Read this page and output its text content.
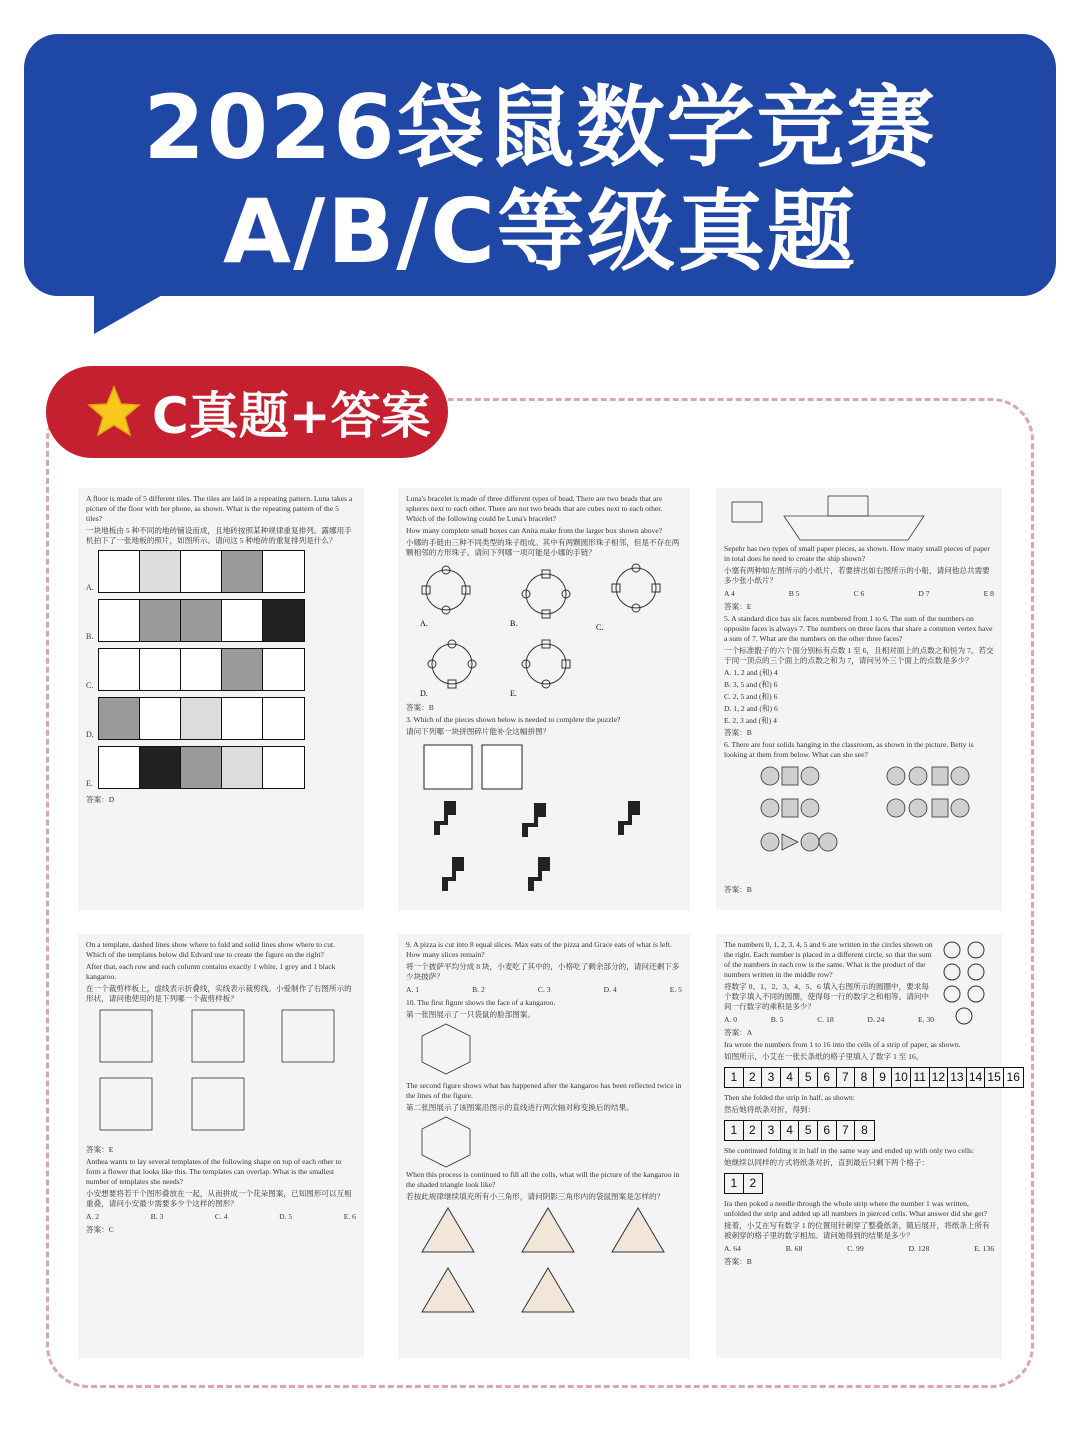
2026袋鼠数学竞赛
A/B/C等级真题
C真题+答案

A floor is made of 5 different tiles. The tiles are laid in a repeating pattern. Luna takes a picture of the floor with her phone, as shown. What is the repeating pattern of the 5 tiles?

一块地板由 5 种不同的地砖铺设而成，且地砖按照某种规律重复排列。露娜用手机拍下了一张地板的照片，如图所示。请问这 5 种地砖的重复排列是什么？

A.
B.
C.
D.
E.

答案：D

Luna's bracelet is made of three different types of bead. There are two beads that are spheres next to each other. There are not two beads that are cubes next to each other. Which of the following could be Luna's bracelet?

How many complete small boxes can Anita make from the larger box shown above?

小娜的手链由三种不同类型的珠子组成。其中有两颗圆形珠子相邻，但是不存在两颗相邻的方形珠子。请问下列哪一项可能是小娜的手链？

A.	B.	C.
D.	E.

答案：B

3. Which of the pieces shown below is needed to complete the puzzle?

请问下列哪一块拼图碎片能补全这幅拼图？

Sepehr has two types of small paper pieces, as shown. How many small pieces of paper in total does he need to create the ship shown?

小塞有两种如左图所示的小纸片，若要拼出如右图所示的小船，请问他总共需要多少张小纸片？

A 4	B 5	C 6	D 7	E 8

答案：E

5. A standard dice has six faces numbered from 1 to 6. The sum of the numbers on opposite faces is always 7. The numbers on three faces that share a common vertex have a sum of 7. What are the numbers on the other three faces?

一个标准骰子的六个面分别标有点数 1 至 6，且相对面上的点数之和恒为 7。若交于同一顶点的三个面上的点数之和为 7，请问另外三个面上的点数是多少？

A. 1, 2 and (和) 4

B. 3, 5 and (和) 6

C. 2, 5 and (和) 6

D. 1, 2 and (和) 6

E. 2, 3 and (和) 4

答案：B

6. There are four solids hanging in the classroom, as shown in the picture. Betty is looking at them from below. What can she see?

答案：B

On a template, dashed lines show where to fold and solid lines show where to cut. Which of the templates below did Edvard use to create the figure on the right?

After that, each row and each column contains exactly 1 white, 1 grey and 1 black kangaroo.

在一个裁剪样板上，虚线表示折叠线，实线表示裁剪线。小爱制作了右图所示的形状，请问他使用的是下列哪一个裁剪样板？

答案：E

Anthea wants to lay several templates of the following shape on top of each other to form a flower that looks like this. The templates can overlap. What is the smallest number of templates she needs?

小安想要将若干个图形叠放在一起，从而拼成一个花朵图案，已知图形可以互相重叠，请问小安最少需要多少个这样的图形？

A. 2	B. 3	C. 4	D. 5	E. 6

答案：C

9. A pizza is cut into 8 equal slices. Max eats of the pizza and Grace eats of what is left. How many slices remain?

将一个披萨平均分成 8 块，小麦吃了其中的，小格吃了剩余部分的，请问还剩下多少块披萨？

A. 1	B. 2	C. 3	D. 4	E. 5

10. The first figure shows the face of a kangaroo.

第一张图展示了一只袋鼠的脸部图案。

The second figure shows what has happened after the kangaroo has been reflected twice in the lines of the figure.

第二张图展示了该图案沿图示的直线进行两次轴对称变换后的结果。

When this process is continued to fill all the cells, what will the picture of the kangaroo in the shaded triangle look like?

若按此规律继续填充所有小三角形，请问阴影三角形内的袋鼠图案是怎样的？

The numbers 0, 1, 2, 3, 4, 5 and 6 are written in the circles shown on the right. Each number is placed in a different circle, so that the sum of the numbers in each row is the same. What is the product of the numbers written in the middle row?

将数字 0、1、2、3、4、5、6 填入右图所示的圆圈中，要求每个数字填入不同的圆圈，使得每一行的数字之和相等。请问中间一行数字的乘积是多少？

A. 0	B. 5	C. 18	D. 24	E. 30

答案：A

Ira wrote the numbers from 1 to 16 into the cells of a strip of paper, as shown.

如图所示，小艾在一张长条纸的格子里填入了数字 1 至 16。

1 2 3 4 5 6 7 8 9 10 11 12 13 14 15 16

Then she folded the strip in half, as shown:

然后她将纸条对折，得到：

1 2 3 4 5 6 7	8

She continued folding it in half in the same way and ended up with only two cells:

她继续以同样的方式将纸条对折，直到最后只剩下两个格子：

1	2

Ira then poked a needle through the whole strip where the number 1 was written, unfolded the strip and added up all numbers in pierced cells. What answer did she get?

接着，小艾在写有数字 1 的位置用针刺穿了整叠纸条，随后展开，将纸条上所有被刺穿的格子里的数字相加。请问她得到的结果是多少？

A. 64	B. 68	C. 99	D. 128	E. 136

答案：B
